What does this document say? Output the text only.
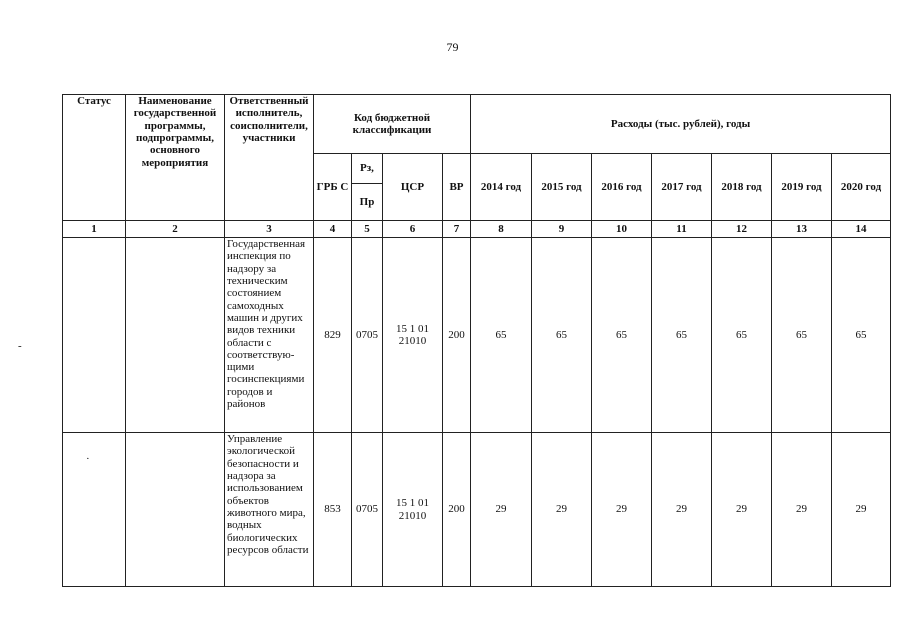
79
Статус	Наименование государственной программы, подпрограммы, основного мероприятия	Ответственный исполнитель, соисполнители, участники	Код бюджетной классификации				Расходы (тыс. рублей), годы						
			ГРБ С	Рз,	ЦСР	ВР	2014 год	2015 год	2016 год	2017 год	2018 год	2019 год	2020 год
				Пр									
1	2	3	4	5	6	7	8	9	10	11	12	13	14
		Государственная инспекция по надзору за техническим состоянием самоходных машин и других видов техники области с соответствую-щими госинспекциями городов и районов	829	0705	15 1 01 21010	200	65	65	65	65	65	65	65
		Управление экологической безопасности и надзора за использованием объектов животного мира, водных биологических ресурсов области	853	0705	15 1 01 21010	200	29	29	29	29	29	29	29
-
·
